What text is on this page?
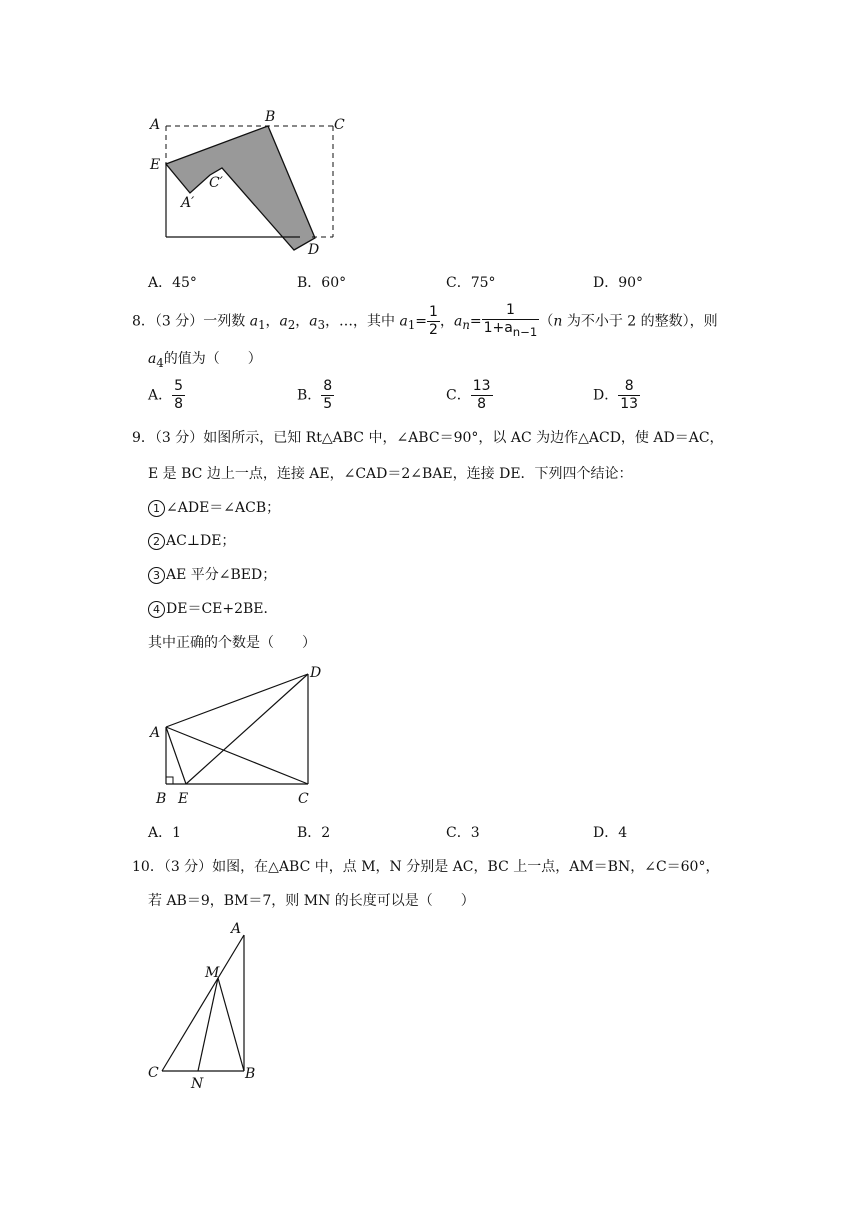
A	B	C
E
A′
C′
D
A．45°	B．60°	C．75°	D．90°
8．（3 分）一列数 $a_1$，$a_2$，$a_3$，…，其中 $a_1= \frac{1}{2}$ ，$a_n= \frac{1}{1+a_{n-1}} (n$ 为不小于 2 的整数），则
$a_4$的值为（　　）
A． $\frac{5}{8}$	B． $\frac{8}{5}$	C． $\frac{13}{8}$	D． $\frac{8}{13}$
9．（3 分）如图所示，已知 Rt△ABC 中，∠ABC＝90°，以 AC 为边作△ACD，使 AD＝AC，
E 是 BC 边上一点，连接 AE，∠CAD＝2∠BAE，连接 DE．下列四个结论：
1 ∠ADE＝∠ACB；
2 AC⊥DE；
3 AE 平分∠BED；
4 DE＝CE+2BE．
其中正确的个数是（　　）
A
B E	C
D
A．1	B．2	C．3	D．4
10．（3 分）如图，在△ABC 中，点 M，N 分别是 AC，BC 上一点，AM＝BN，∠C＝60°，
若 AB＝9，BM＝7，则 MN 的长度可以是（　　）
A
M
C
N
B
